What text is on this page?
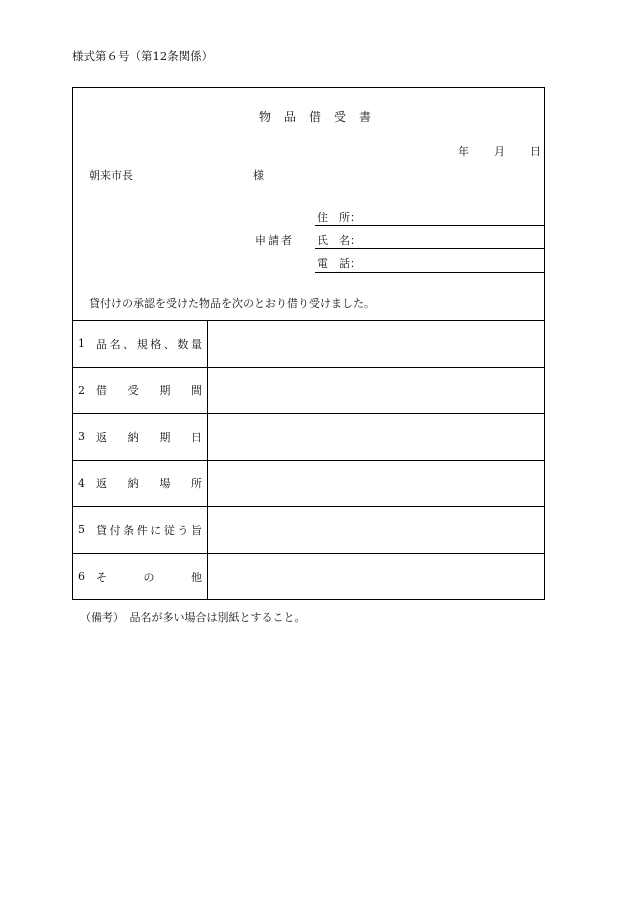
様式第６号（第12条関係）
物品借受書
年 月 日
朝来市長	様
申請者
住　所：
氏　名：
電　話：
貸付けの承認を受けた物品を次のとおり借り受けました。
1	品 名 、 規 格 、 数 量
2	借 受 期 間
3	返 納 期 日
4	返 納 場 所
5	貸 付 条 件 に 従 う 旨
6	そ	の	他
（備考）　品名が多い場合は別紙とすること。
